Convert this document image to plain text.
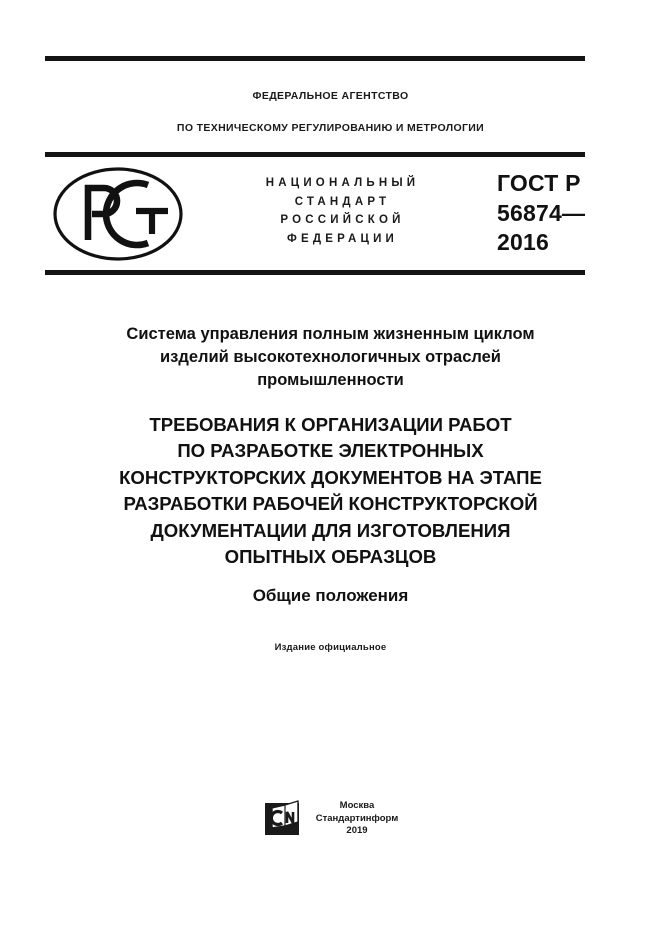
ФЕДЕРАЛЬНОЕ АГЕНТСТВО
ПО ТЕХНИЧЕСКОМУ РЕГУЛИРОВАНИЮ И МЕТРОЛОГИИ
НАЦИОНАЛЬНЫЙ
СТАНДАРТ
РОССИЙСКОЙ
ФЕДЕРАЦИИ
ГОСТ Р
56874—
2016
Система управления полным жизненным циклом
изделий высокотехнологичных отраслей
промышленности
ТРЕБОВАНИЯ К ОРГАНИЗАЦИИ РАБОТ
ПО РАЗРАБОТКЕ ЭЛЕКТРОННЫХ
КОНСТРУКТОРСКИХ ДОКУМЕНТОВ НА ЭТАПЕ
РАЗРАБОТКИ РАБОЧЕЙ КОНСТРУКТОРСКОЙ
ДОКУМЕНТАЦИИ ДЛЯ ИЗГОТОВЛЕНИЯ
ОПЫТНЫХ ОБРАЗЦОВ
Общие положения
Издание официальное
Москва
Стандартинформ
2019
